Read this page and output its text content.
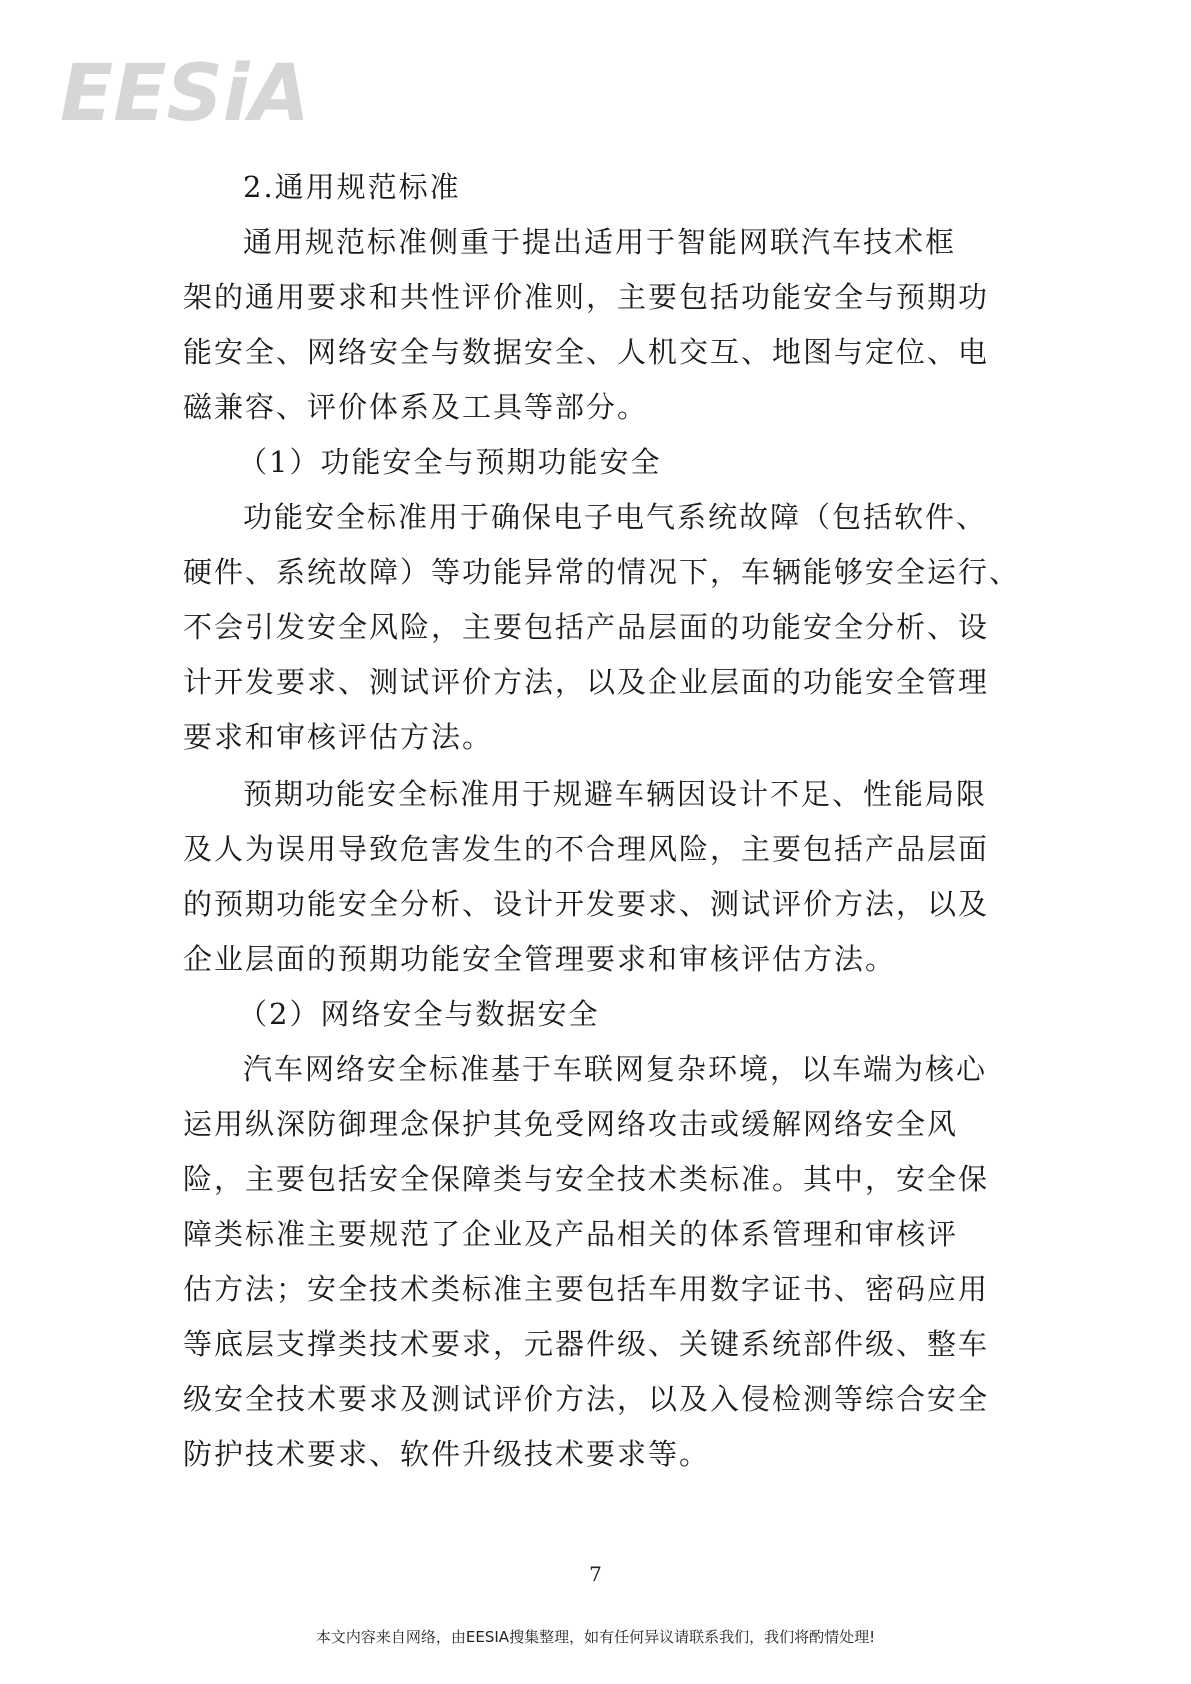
EESiA
2.通用规范标准
通用规范标准侧重于提出适用于智能网联汽车技术框
架的通用要求和共性评价准则，主要包括功能安全与预期功
能安全、网络安全与数据安全、人机交互、地图与定位、电
磁兼容、评价体系及工具等部分。
（1）功能安全与预期功能安全
功能安全标准用于确保电子电气系统故障（包括软件、
硬件、系统故障）等功能异常的情况下，车辆能够安全运行、
不会引发安全风险，主要包括产品层面的功能安全分析、设
计开发要求、测试评价方法，以及企业层面的功能安全管理
要求和审核评估方法。
预期功能安全标准用于规避车辆因设计不足、性能局限
及人为误用导致危害发生的不合理风险，主要包括产品层面
的预期功能安全分析、设计开发要求、测试评价方法，以及
企业层面的预期功能安全管理要求和审核评估方法。
（2）网络安全与数据安全
汽车网络安全标准基于车联网复杂环境，以车端为核心
运用纵深防御理念保护其免受网络攻击或缓解网络安全风
险，主要包括安全保障类与安全技术类标准。其中，安全保
障类标准主要规范了企业及产品相关的体系管理和审核评
估方法；安全技术类标准主要包括车用数字证书、密码应用
等底层支撑类技术要求，元器件级、关键系统部件级、整车
级安全技术要求及测试评价方法，以及入侵检测等综合安全
防护技术要求、软件升级技术要求等。
7
本文内容来自网络，由EESIA搜集整理，如有任何异议请联系我们，我们将酌情处理!
